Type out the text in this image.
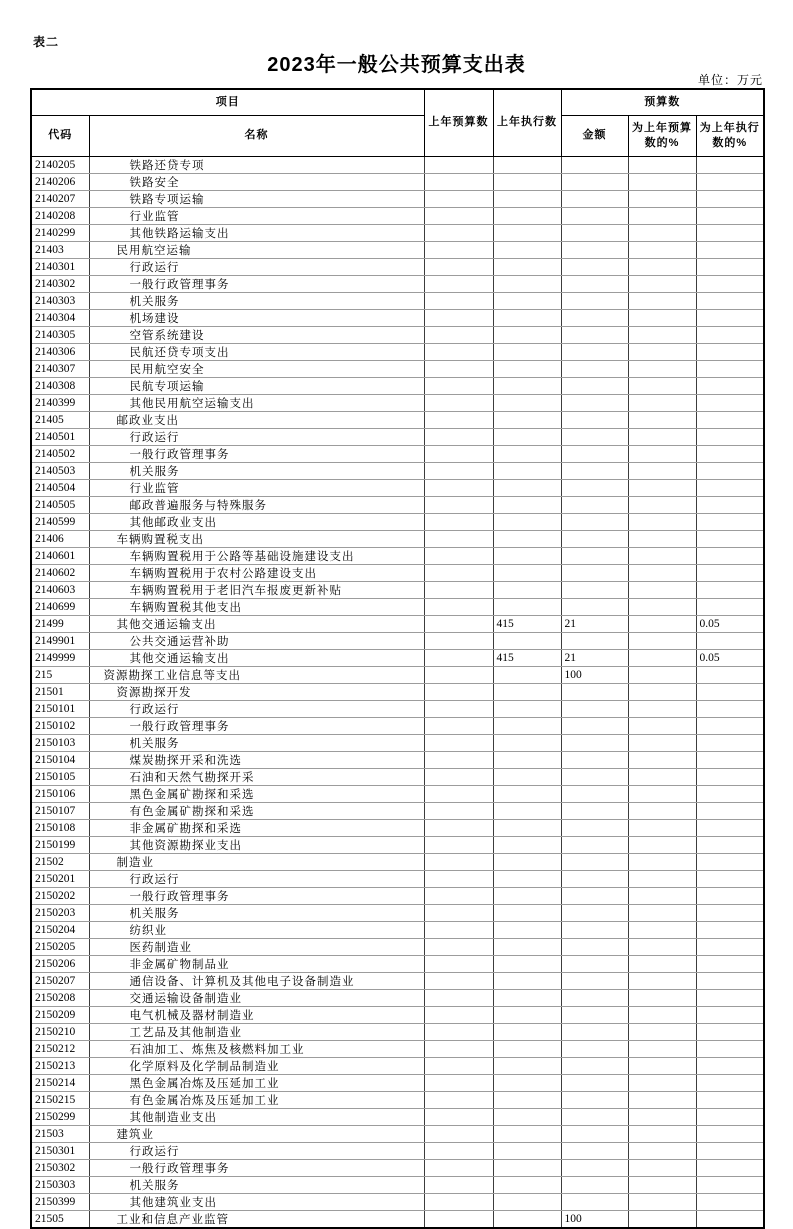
表二
2023年一般公共预算支出表
单位：万元
项目		上年预算数	上年执行数	预算数		
代码	名称			金额	为上年预算数的%	为上年执行数的%
2140205	铁路还贷专项					
2140206	铁路安全					
2140207	铁路专项运输					
2140208	行业监管					
2140299	其他铁路运输支出					
21403	民用航空运输					
2140301	行政运行					
2140302	一般行政管理事务					
2140303	机关服务					
2140304	机场建设					
2140305	空管系统建设					
2140306	民航还贷专项支出					
2140307	民用航空安全					
2140308	民航专项运输					
2140399	其他民用航空运输支出					
21405	邮政业支出					
2140501	行政运行					
2140502	一般行政管理事务					
2140503	机关服务					
2140504	行业监管					
2140505	邮政普遍服务与特殊服务					
2140599	其他邮政业支出					
21406	车辆购置税支出					
2140601	车辆购置税用于公路等基础设施建设支出					
2140602	车辆购置税用于农村公路建设支出					
2140603	车辆购置税用于老旧汽车报废更新补贴					
2140699	车辆购置税其他支出					
21499	其他交通运输支出		415	21		0.05
2149901	公共交通运营补助					
2149999	其他交通运输支出		415	21		0.05
215	资源勘探工业信息等支出			100		
21501	资源勘探开发					
2150101	行政运行					
2150102	一般行政管理事务					
2150103	机关服务					
2150104	煤炭勘探开采和洗选					
2150105	石油和天然气勘探开采					
2150106	黑色金属矿勘探和采选					
2150107	有色金属矿勘探和采选					
2150108	非金属矿勘探和采选					
2150199	其他资源勘探业支出					
21502	制造业					
2150201	行政运行					
2150202	一般行政管理事务					
2150203	机关服务					
2150204	纺织业					
2150205	医药制造业					
2150206	非金属矿物制品业					
2150207	通信设备、计算机及其他电子设备制造业					
2150208	交通运输设备制造业					
2150209	电气机械及器材制造业					
2150210	工艺品及其他制造业					
2150212	石油加工、炼焦及核燃料加工业					
2150213	化学原料及化学制品制造业					
2150214	黑色金属冶炼及压延加工业					
2150215	有色金属冶炼及压延加工业					
2150299	其他制造业支出					
21503	建筑业					
2150301	行政运行					
2150302	一般行政管理事务					
2150303	机关服务					
2150399	其他建筑业支出					
21505	工业和信息产业监管			100		
